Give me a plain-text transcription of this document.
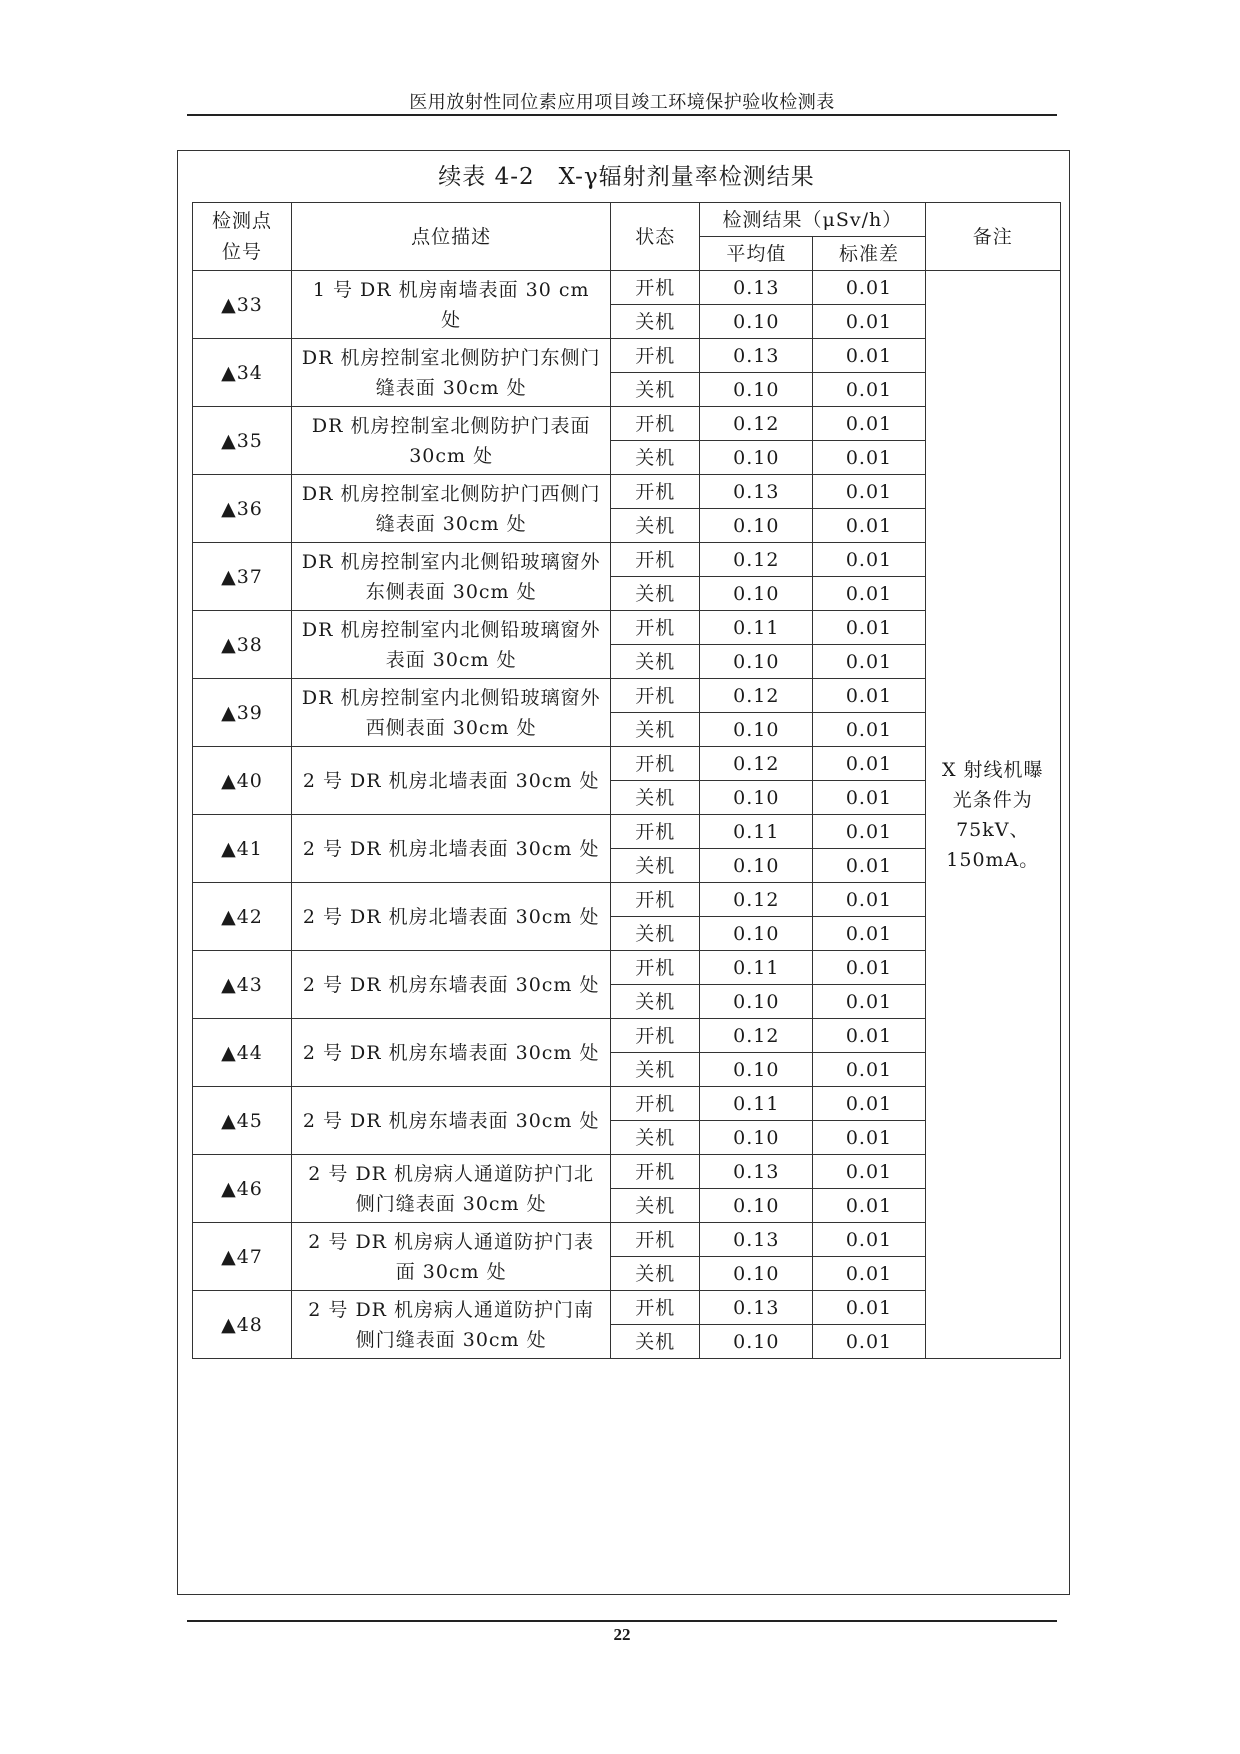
医用放射性同位素应用项目竣工环境保护验收检测表
续表 4-2　X-γ辐射剂量率检测结果
检测点位号	点位描述	状态	检测结果（μSv/h）		备注
			平均值	标准差	
▲33	1 号 DR 机房南墙表面 30 cm 处	开机	0.13	0.01	X 射线机曝光条件为 75kV、150mA。
		关机	0.10	0.01	
▲34	DR 机房控制室北侧防护门东侧门缝表面 30cm 处	开机	0.13	0.01	
		关机	0.10	0.01	
▲35	DR 机房控制室北侧防护门表面 30cm 处	开机	0.12	0.01	
		关机	0.10	0.01	
▲36	DR 机房控制室北侧防护门西侧门缝表面 30cm 处	开机	0.13	0.01	
		关机	0.10	0.01	
▲37	DR 机房控制室内北侧铅玻璃窗外东侧表面 30cm 处	开机	0.12	0.01	
		关机	0.10	0.01	
▲38	DR 机房控制室内北侧铅玻璃窗外表面 30cm 处	开机	0.11	0.01	
		关机	0.10	0.01	
▲39	DR 机房控制室内北侧铅玻璃窗外西侧表面 30cm 处	开机	0.12	0.01	
		关机	0.10	0.01	
▲40	2 号 DR 机房北墙表面 30cm 处	开机	0.12	0.01	
		关机	0.10	0.01	
▲41	2 号 DR 机房北墙表面 30cm 处	开机	0.11	0.01	
		关机	0.10	0.01	
▲42	2 号 DR 机房北墙表面 30cm 处	开机	0.12	0.01	
		关机	0.10	0.01	
▲43	2 号 DR 机房东墙表面 30cm 处	开机	0.11	0.01	
		关机	0.10	0.01	
▲44	2 号 DR 机房东墙表面 30cm 处	开机	0.12	0.01	
		关机	0.10	0.01	
▲45	2 号 DR 机房东墙表面 30cm 处	开机	0.11	0.01	
		关机	0.10	0.01	
▲46	2 号 DR 机房病人通道防护门北侧门缝表面 30cm 处	开机	0.13	0.01	
		关机	0.10	0.01	
▲47	2 号 DR 机房病人通道防护门表面 30cm 处	开机	0.13	0.01	
		关机	0.10	0.01	
▲48	2 号 DR 机房病人通道防护门南侧门缝表面 30cm 处	开机	0.13	0.01	
		关机	0.10	0.01	
22
